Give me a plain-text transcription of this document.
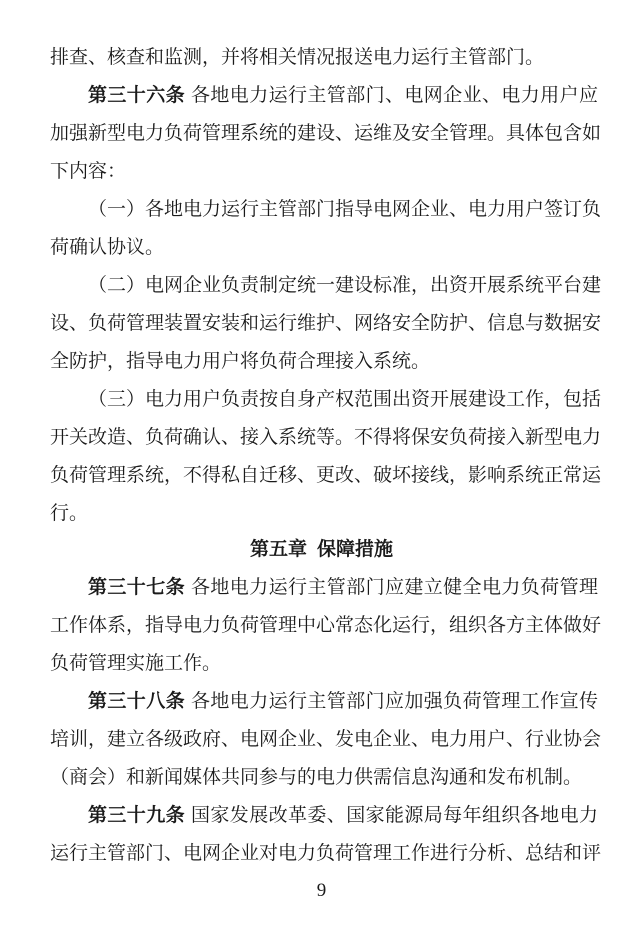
排查、核查和监测，并将相关情况报送电力运行主管部门。
第三十六条 各地电力运行主管部门、电网企业、电力用户应
加强新型电力负荷管理系统的建设、运维及安全管理。具体包含如
下内容：
（一）各地电力运行主管部门指导电网企业、电力用户签订负
荷确认协议。
（二）电网企业负责制定统一建设标准，出资开展系统平台建
设、负荷管理装置安装和运行维护、网络安全防护、信息与数据安
全防护，指导电力用户将负荷合理接入系统。
（三）电力用户负责按自身产权范围出资开展建设工作，包括
开关改造、负荷确认、接入系统等。不得将保安负荷接入新型电力
负荷管理系统，不得私自迁移、更改、破坏接线，影响系统正常运
行。
第五章 保障措施
第三十七条 各地电力运行主管部门应建立健全电力负荷管理
工作体系，指导电力负荷管理中心常态化运行，组织各方主体做好
负荷管理实施工作。
第三十八条 各地电力运行主管部门应加强负荷管理工作宣传
培训，建立各级政府、电网企业、发电企业、电力用户、行业协会
（商会）和新闻媒体共同参与的电力供需信息沟通和发布机制。
第三十九条 国家发展改革委、国家能源局每年组织各地电力
运行主管部门、电网企业对电力负荷管理工作进行分析、总结和评
9
